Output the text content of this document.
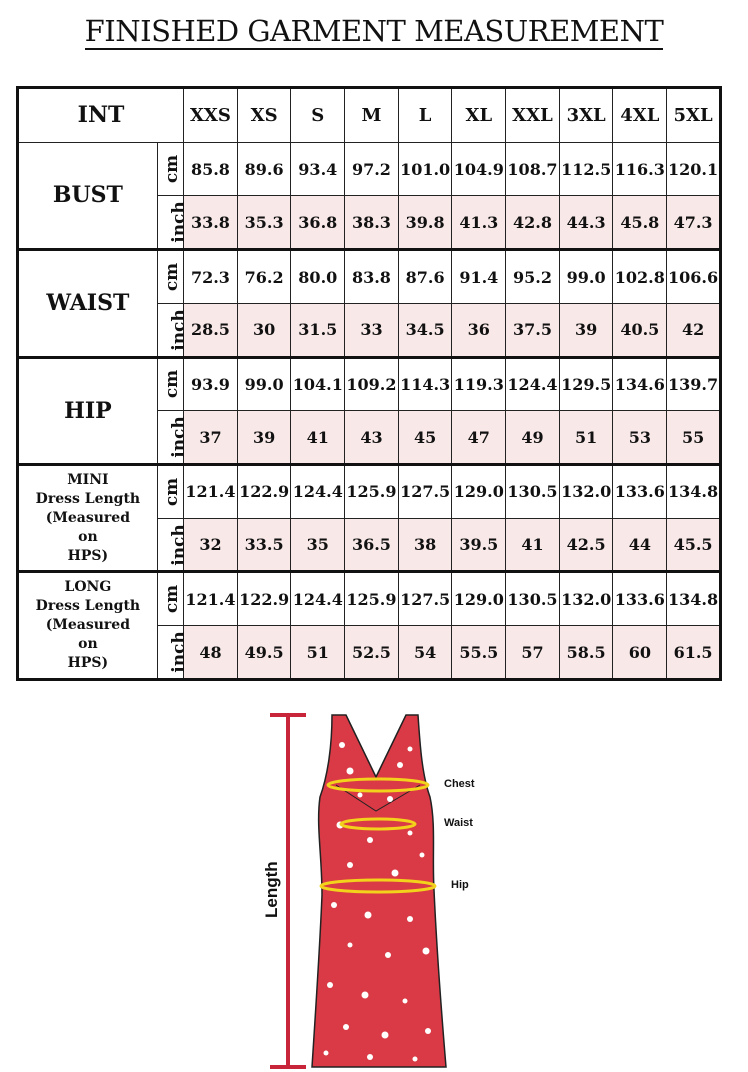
FINISHED GARMENT MEASUREMENT
INT		XXS	XS	S	M	L	XL	XXL	3XL	4XL	5XL
BUST	cm	85.8	89.6	93.4	97.2	101.0	104.9	108.7	112.5	116.3	120.1
	inch	33.8	35.3	36.8	38.3	39.8	41.3	42.8	44.3	45.8	47.3
WAIST	cm	72.3	76.2	80.0	83.8	87.6	91.4	95.2	99.0	102.8	106.6
	inch	28.5	30	31.5	33	34.5	36	37.5	39	40.5	42
HIP	cm	93.9	99.0	104.1	109.2	114.3	119.3	124.4	129.5	134.6	139.7
	inch	37	39	41	43	45	47	49	51	53	55
MINI
Dress Length
(Measured
on
HPS)	cm	121.4	122.9	124.4	125.9	127.5	129.0	130.5	132.0	133.6	134.8
	inch	32	33.5	35	36.5	38	39.5	41	42.5	44	45.5
LONG
Dress Length
(Measured
on
HPS)	cm	121.4	122.9	124.4	125.9	127.5	129.0	130.5	132.0	133.6	134.8
	inch	48	49.5	51	52.5	54	55.5	57	58.5	60	61.5
Chest
Waist
Hip
Length
